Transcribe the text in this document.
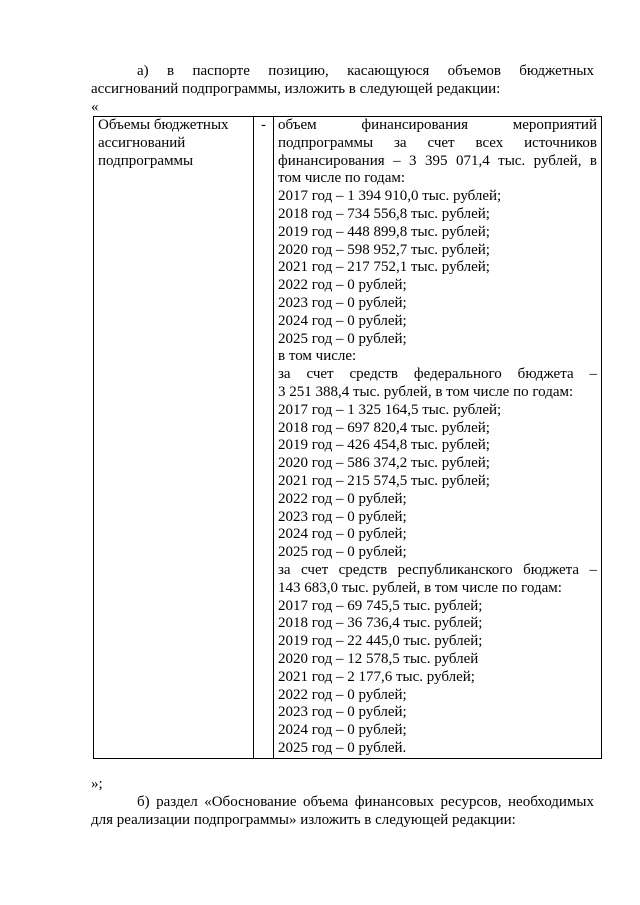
а) в паспорте позицию, касающуюся объемов бюджетных
ассигнований подпрограммы, изложить в следующей редакции:
«
Объемы бюджетных
ассигнований
подпрограммы
	-	объем финансирования мероприятий
подпрограммы за счет всех источников
финансирования – 3 395 071,4 тыс. рублей, в
том числе по годам:
2017 год – 1 394 910,0 тыс. рублей;
2018 год – 734 556,8 тыс. рублей;
2019 год – 448 899,8 тыс. рублей;
2020 год – 598 952,7 тыс. рублей;
2021 год – 217 752,1 тыс. рублей;
2022 год – 0 рублей;
2023 год – 0 рублей;
2024 год – 0 рублей;
2025 год – 0 рублей;
в том числе:
за счет средств федерального бюджета –
3 251 388,4 тыс. рублей, в том числе по годам:
2017 год – 1 325 164,5 тыс. рублей;
2018 год – 697 820,4 тыс. рублей;
2019 год – 426 454,8 тыс. рублей;
2020 год – 586 374,2 тыс. рублей;
2021 год – 215 574,5 тыс. рублей;
2022 год – 0 рублей;
2023 год – 0 рублей;
2024 год – 0 рублей;
2025 год – 0 рублей;
за счет средств республиканского бюджета –
143 683,0 тыс. рублей, в том числе по годам:
2017 год – 69 745,5 тыс. рублей;
2018 год – 36 736,4 тыс. рублей;
2019 год – 22 445,0 тыс. рублей;
2020 год – 12 578,5 тыс. рублей
2021 год – 2 177,6 тыс. рублей;
2022 год – 0 рублей;
2023 год – 0 рублей;
2024 год – 0 рублей;
2025 год – 0 рублей.
»;
б) раздел «Обоснование объема финансовых ресурсов, необходимых
для реализации подпрограммы» изложить в следующей редакции:
